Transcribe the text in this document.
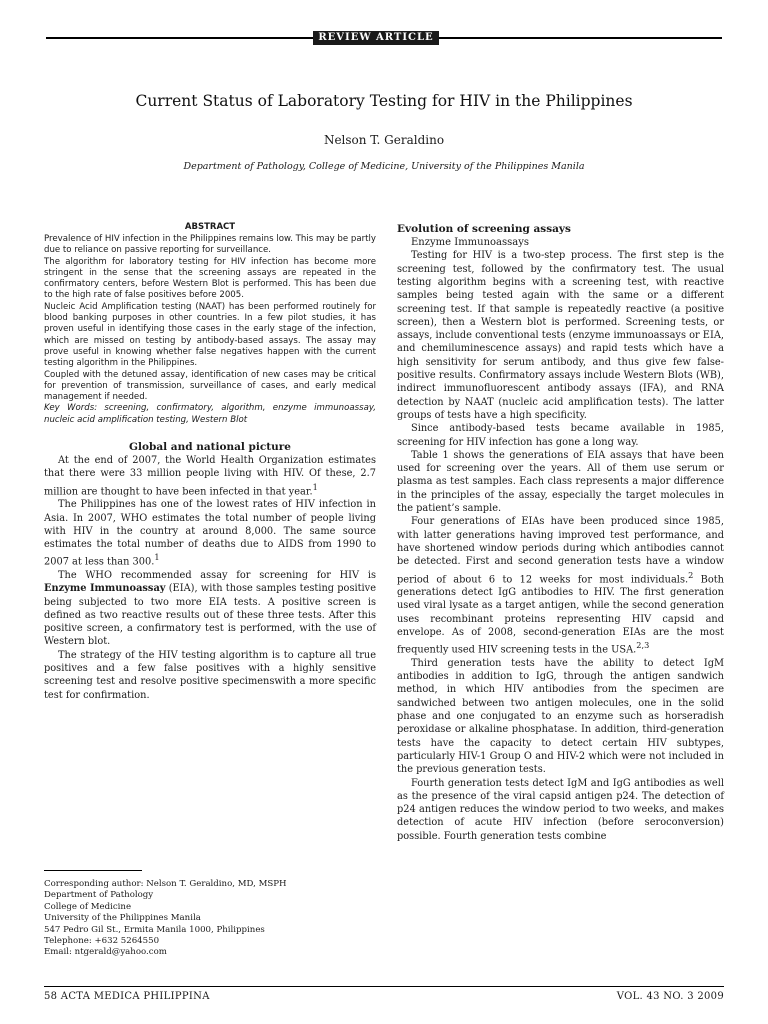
REVIEW ARTICLE
Current Status of Laboratory Testing for HIV in the Philippines
Nelson T. Geraldino
Department of Pathology, College of Medicine, University of the Philippines Manila
ABSTRACT

Prevalence of HIV infection in the Philippines remains low. This may be partly due to reliance on passive reporting for surveillance.

The algorithm for laboratory testing for HIV infection has become more stringent in the sense that the screening assays are repeated in the confirmatory centers, before Western Blot is performed. This has been due to the high rate of false positives before 2005.

Nucleic Acid Amplification testing (NAAT) has been performed routinely for blood banking purposes in other countries. In a few pilot studies, it has proven useful in identifying those cases in the early stage of the infection, which are missed on testing by antibody-based assays. The assay may prove useful in knowing whether false negatives happen with the current testing algorithm in the Philippines.

Coupled with the detuned assay, identification of new cases may be critical for prevention of transmission, surveillance of cases, and early medical management if needed.

Key Words: screening, confirmatory, algorithm, enzyme immunoassay, nucleic acid amplification testing, Western Blot

Global and national picture

At the end of 2007, the World Health Organization estimates that there were 33 million people living with HIV. Of these, 2.7 million are thought to have been infected in that year.$^1$

The Philippines has one of the lowest rates of HIV infection in Asia. In 2007, WHO estimates the total number of people living with HIV in the country at around 8,000. The same source estimates the total number of deaths due to AIDS from 1990 to 2007 at less than 300.$^1$

The WHO recommended assay for screening for HIV is Enzyme Immunoassay (EIA), with those samples testing positive being subjected to two more EIA tests. A positive screen is defined as two reactive results out of these three tests. After this positive screen, a confirmatory test is performed, with the use of Western blot.

The strategy of the HIV testing algorithm is to capture all true positives and a few false positives with a highly sensitive screening test and resolve positive specimenswith a more specific test for confirmation.

Corresponding author: Nelson T. Geraldino, MD, MSPH
Department of Pathology
College of Medicine
University of the Philippines Manila
547 Pedro Gil St., Ermita Manila 1000, Philippines
Telephone: +632 5264550
Email: ntgerald@yahoo.com
Evolution of screening assays
Enzyme Immunoassays

Testing for HIV is a two-step process. The first step is the screening test, followed by the confirmatory test. The usual testing algorithm begins with a screening test, with reactive samples being tested again with the same or a different screening test. If that sample is repeatedly reactive (a positive screen), then a Western blot is performed. Screening tests, or assays, include conventional tests (enzyme immunoassays or EIA, and chemiluminescence assays) and rapid tests which have a high sensitivity for serum antibody, and thus give few false-positive results. Confirmatory assays include Western Blots (WB), indirect immunofluorescent antibody assays (IFA), and RNA detection by NAAT (nucleic acid amplification tests). The latter groups of tests have a high specificity.

Since antibody-based tests became available in 1985, screening for HIV infection has gone a long way.

Table 1 shows the generations of EIA assays that have been used for screening over the years. All of them use serum or plasma as test samples. Each class represents a major difference in the principles of the assay, especially the target molecules in the patient’s sample.

Four generations of EIAs have been produced since 1985, with latter generations having improved test performance, and have shortened window periods during which antibodies cannot be detected. First and second generation tests have a window period of about 6 to 12 weeks for most individuals.$^2$ Both generations detect IgG antibodies to HIV. The first generation used viral lysate as a target antigen, while the second generation uses recombinant proteins representing HIV capsid and envelope. As of 2008, second-generation EIAs are the most frequently used HIV screening tests in the USA.$^{2,3}$

Third generation tests have the ability to detect IgM antibodies in addition to IgG, through the antigen sandwich method, in which HIV antibodies from the specimen are sandwiched between two antigen molecules, one in the solid phase and one conjugated to an enzyme such as horseradish peroxidase or alkaline phosphatase. In addition, third-generation tests have the capacity to detect certain HIV subtypes, particularly HIV-1 Group O and HIV-2 which were not included in the previous generation tests.

Fourth generation tests detect IgM and IgG antibodies as well as the presence of the viral capsid antigen p24. The detection of p24 antigen reduces the window period to two weeks, and makes detection of acute HIV infection (before seroconversion) possible. Fourth generation tests combine

58 ACTA MEDICA PHILIPPINA	VOL. 43 NO. 3 2009
